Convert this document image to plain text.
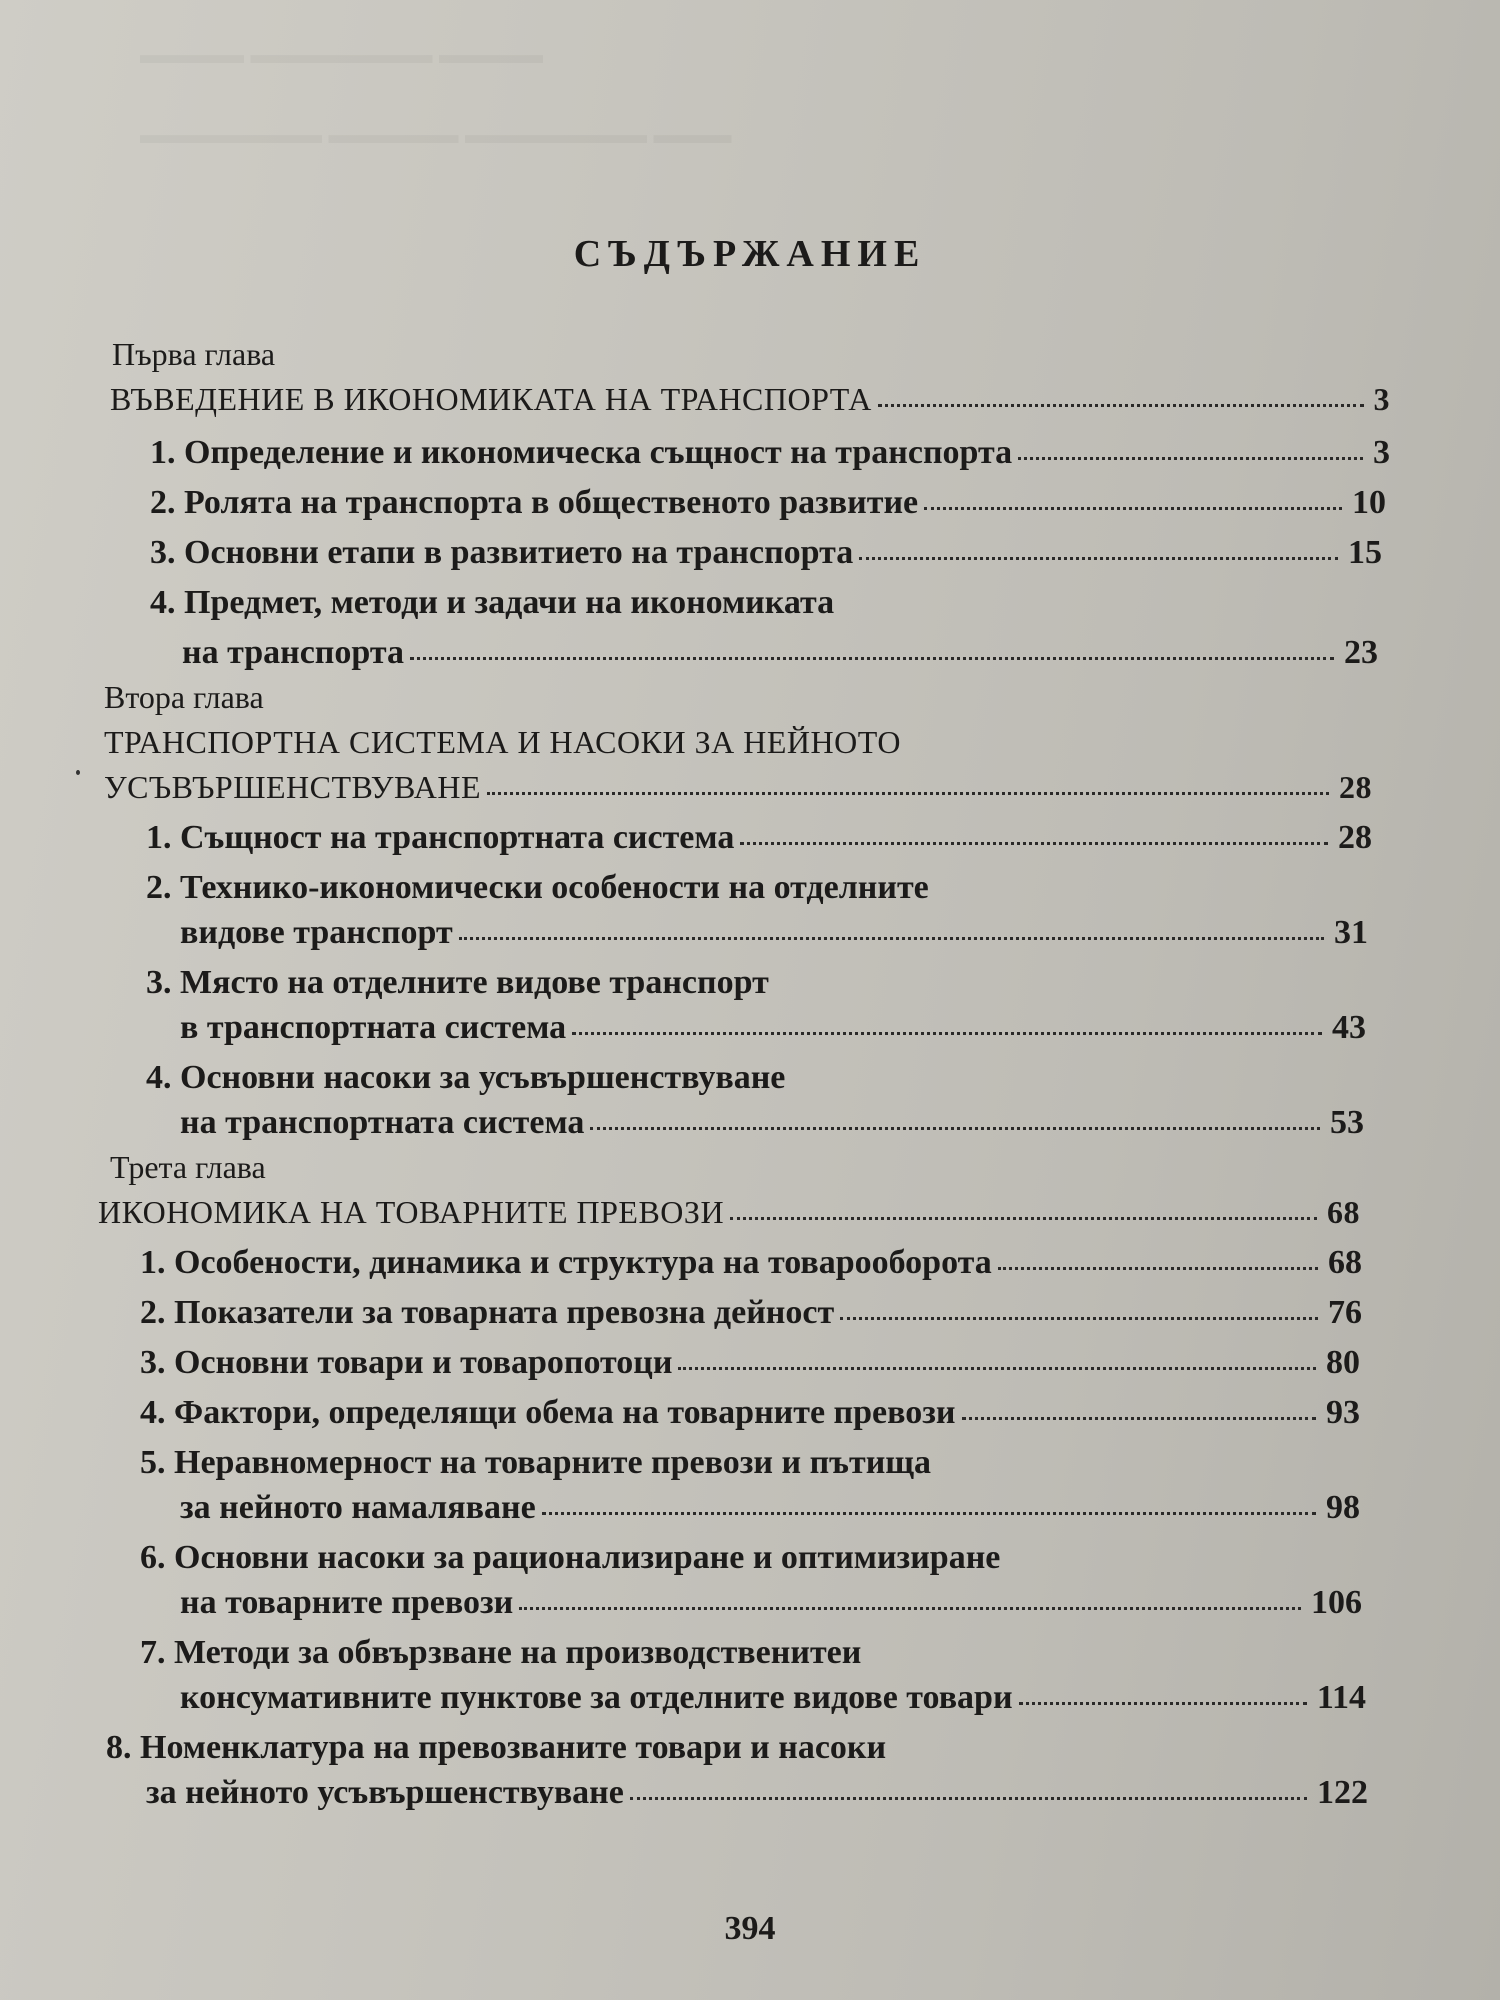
▬▬▬▬ ▬▬▬▬▬▬▬ ▬▬▬▬
▬▬▬▬▬▬▬ ▬▬▬▬▬ ▬▬▬▬▬▬▬ ▬▬▬
СЪДЪРЖАНИЕ
Първа глава
ВЪВЕДЕНИЕ В ИКОНОМИКАТА НА ТРАНСПОРТА	3
1. Определение и икономическа същност на транспорта	3
2. Ролята на транспорта в общественото развитие	10
3. Основни етапи в развитието на транспорта	15
4. Предмет, методи и задачи на икономиката
на транспорта	23
Втора глава
ТРАНСПОРТНА СИСТЕМА И НАСОКИ ЗА НЕЙНОТО
УСЪВЪРШЕНСТВУВАНЕ	28
1. Същност на транспортната система	28
2. Технико-икономически особености на отделните
видове транспорт	31
3. Място на отделните видове транспорт
в транспортната система	43
4. Основни насоки за усъвършенствуване
на транспортната система	53
Трета глава
ИКОНОМИКА НА ТОВАРНИТЕ ПРЕВОЗИ	68
1. Особености, динамика и структура на товарооборота	68
2. Показатели за товарната превозна дейност	76
3. Основни товари и товаропотоци	80
4. Фактори, определящи обема на товарните превози	93
5. Неравномерност на товарните превози и пътища
за нейното намаляване	98
6. Основни насоки за рационализиране и оптимизиране
на товарните превози	106
7. Методи за обвързване на производственитеи
консумативните пунктове за отделните видове товари	114
8. Номенклатура на превозваните товари и насоки
за нейното усъвършенствуване	122
394
